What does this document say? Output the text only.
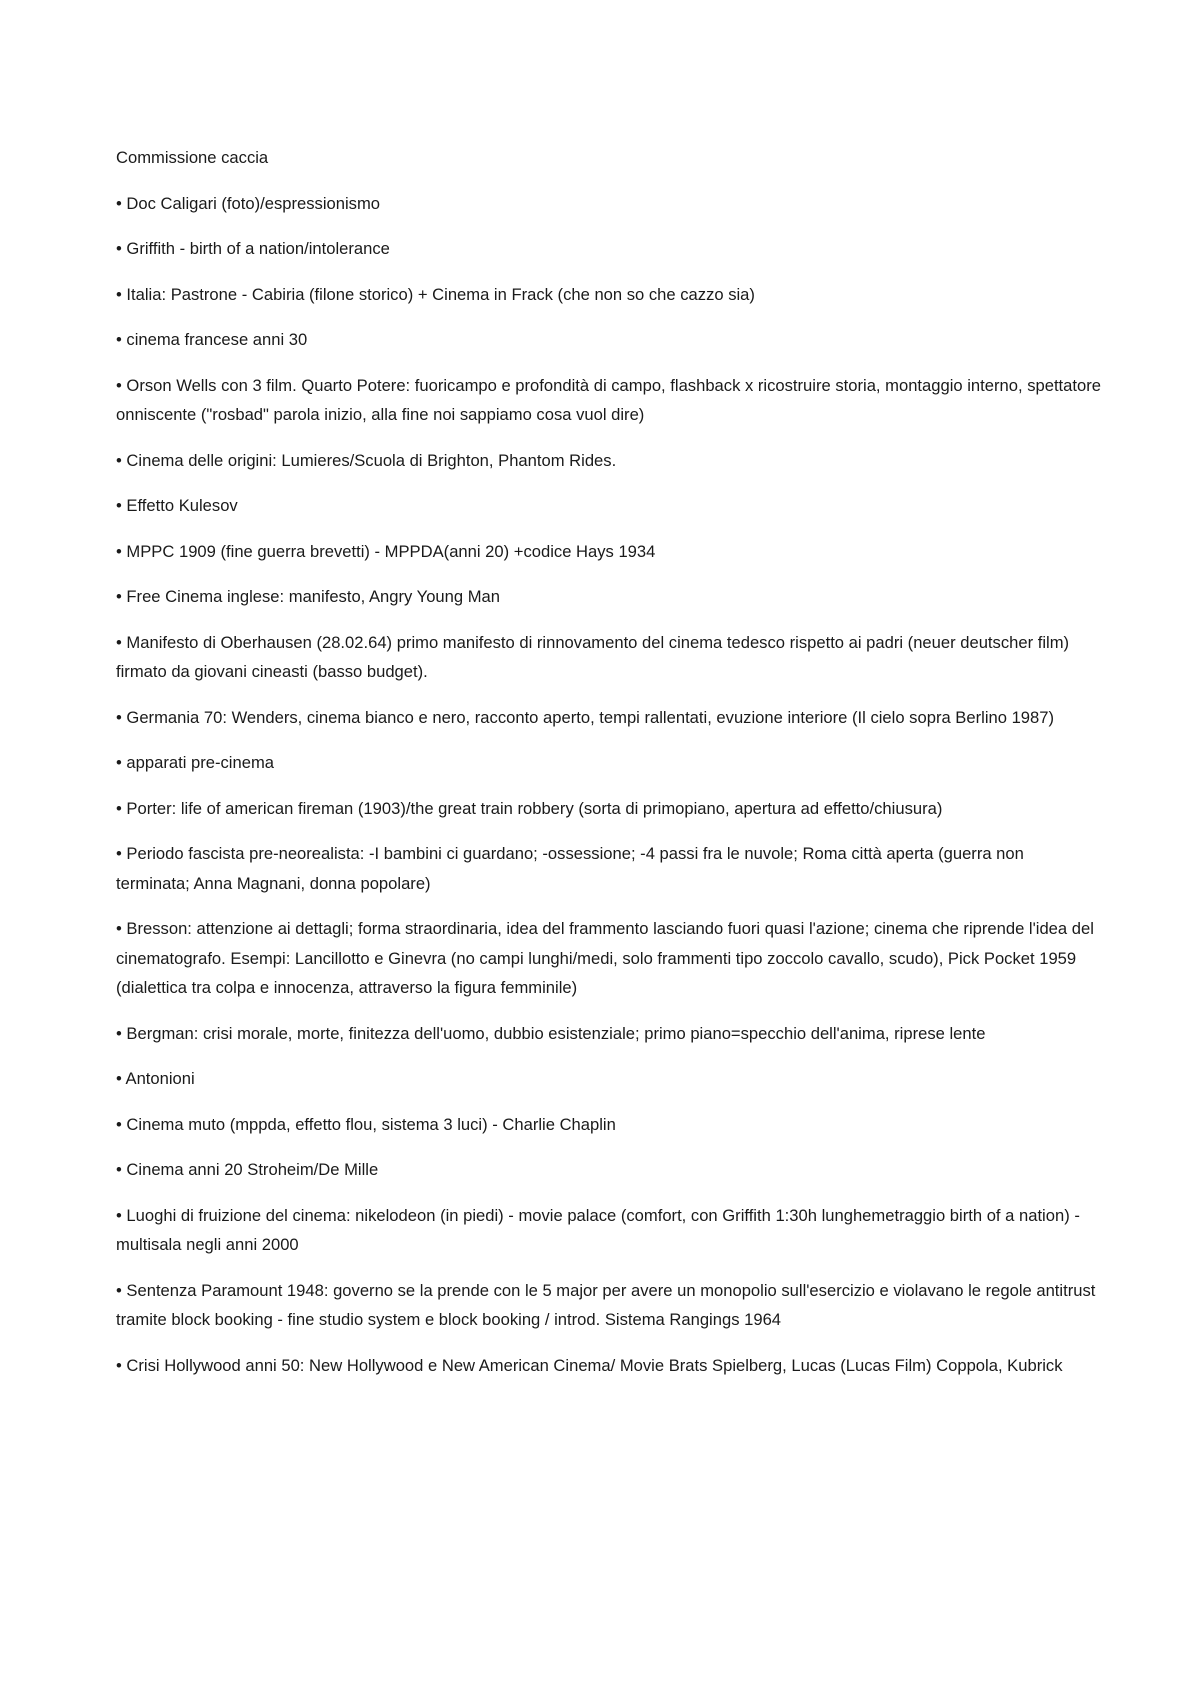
Commissione caccia

• Doc Caligari (foto)/espressionismo

• Griffith - birth of a nation/intolerance

• Italia: Pastrone - Cabiria (filone storico) + Cinema in Frack (che non so che cazzo sia)

• cinema francese anni 30

• Orson Wells con 3 film. Quarto Potere: fuoricampo e profondità di campo, flashback x ricostruire storia, montaggio interno, spettatore onniscente ("rosbad" parola inizio, alla fine noi sappiamo cosa vuol dire)

• Cinema delle origini: Lumieres/Scuola di Brighton, Phantom Rides.

• Effetto Kulesov

• MPPC 1909 (fine guerra brevetti) - MPPDA(anni 20) +codice Hays 1934

• Free Cinema inglese: manifesto, Angry Young Man

• Manifesto di Oberhausen (28.02.64) primo manifesto di rinnovamento del cinema tedesco rispetto ai padri (neuer deutscher film) firmato da giovani cineasti (basso budget).

• Germania 70: Wenders, cinema bianco e nero, racconto aperto, tempi rallentati, evuzione interiore (Il cielo sopra Berlino 1987)

• apparati pre-cinema

• Porter: life of american fireman (1903)/the great train robbery (sorta di primopiano, apertura ad effetto/chiusura)

• Periodo fascista pre-neorealista: -I bambini ci guardano; -ossessione; -4 passi fra le nuvole; Roma città aperta (guerra non terminata; Anna Magnani, donna popolare)

• Bresson: attenzione ai dettagli; forma straordinaria, idea del frammento lasciando fuori quasi l'azione; cinema che riprende l'idea del cinematografo. Esempi: Lancillotto e Ginevra (no campi lunghi/medi, solo frammenti tipo zoccolo cavallo, scudo), Pick Pocket 1959 (dialettica tra colpa e innocenza, attraverso la figura femminile)

• Bergman: crisi morale, morte, finitezza dell'uomo, dubbio esistenziale; primo piano=specchio dell'anima, riprese lente

• Antonioni

• Cinema muto (mppda, effetto flou, sistema 3 luci) - Charlie Chaplin

• Cinema anni 20 Stroheim/De Mille

• Luoghi di fruizione del cinema: nikelodeon (in piedi) - movie palace (comfort, con Griffith 1:30h lunghemetraggio birth of a nation) - multisala negli anni 2000

• Sentenza Paramount 1948: governo se la prende con le 5 major per avere un monopolio sull'esercizio e violavano le regole antitrust tramite block booking - fine studio system e block booking / introd. Sistema Rangings 1964

• Crisi Hollywood anni 50: New Hollywood e New American Cinema/ Movie Brats Spielberg, Lucas (Lucas Film) Coppola, Kubrick
